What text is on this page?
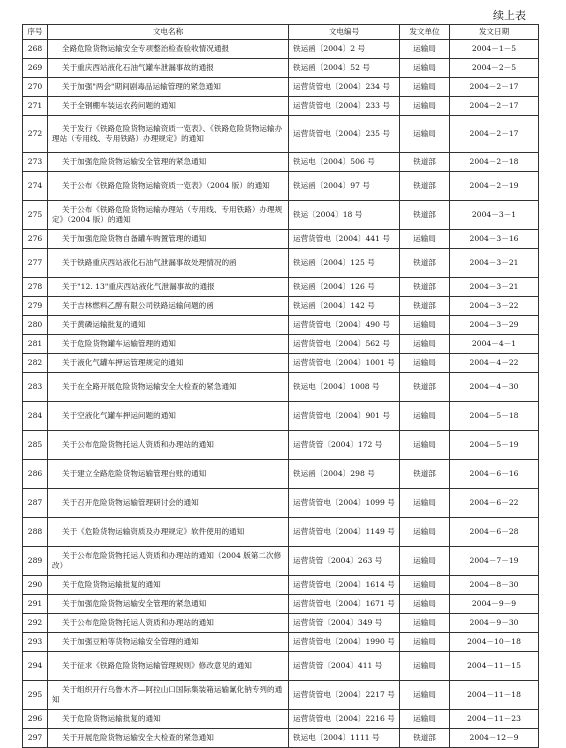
续上表
序号	文电名称	文电编号	发文单位	发文日期
268	全路危险货物运输安全专项整治检查验收情况通报	铁运函〔2004〕2 号	运输局	2004－1－5
269	关于重庆西站液化石油气罐车泄漏事故的通报	铁运函〔2004〕52 号	运输局	2004－2－5
270	关于加强"两会"期间剧毒品运输管理的紧急通知	运营货管电〔2004〕234 号	运输局	2004－2－17
271	关于全钢棚车装运农药问题的通知	运营货管电〔2004〕233 号	运输局	2004－2－17
272	关于发行《铁路危险货物运输资质一览表》、《铁路危险货物运输办理站（专用线、专用铁路）办理规定》的通知	运营货管电〔2004〕235 号	运输局	2004－2－17
273	关于加强危险货物运输安全管理的紧急通知	铁运电〔2004〕506 号	铁道部	2004－2－18
274	关于公布《铁路危险货物运输资质一览表》（2004 版）的通知	铁运函〔2004〕97 号	铁道部	2004－2－19
275	关于公布《铁路危险货物运输办理站（专用线、专用铁路）办理规定》（2004 版）的通知	铁运〔2004〕18 号	铁道部	2004－3－1
276	关于加强危险货物自备罐车购置管理的通知	运营货管电〔2004〕441 号	运输局	2004－3－16
277	关于铁路重庆西站液化石油气泄漏事故处理情况的函	铁运函〔2004〕125 号	铁道部	2004－3－21
278	关于"12. 13"重庆西站液化气泄漏事故的通报	铁运函〔2004〕126 号	铁道部	2004－3－21
279	关于吉林燃料乙醇有限公司铁路运输问题的函	铁运函〔2004〕142 号	铁道部	2004－3－22
280	关于黄磷运输批复的通知	运营货管电〔2004〕490 号	运输局	2004－3－29
281	关于危险货物罐车运输管理的通知	运营货管电〔2004〕562 号	运输局	2004－4－1
282	关于液化气罐车押运管理规定的通知	运营货管电〔2004〕1001 号	运输局	2004－4－22
283	关于在全路开展危险货物运输安全大检查的紧急通知	铁运电〔2004〕1008 号	铁道部	2004－4－30
284	关于空液化气罐车押运问题的通知	运营货管电〔2004〕901 号	运输局	2004－5－18
285	关于公布危险货物托运人资质和办理站的通知	运营货管〔2004〕172 号	运输局	2004－5－19
286	关于建立全路危险货物运输管理台账的通知	铁运函〔2004〕298 号	铁道部	2004－6－16
287	关于召开危险货物运输管理研讨会的通知	运营货管电〔2004〕1099 号	运输局	2004－6－22
288	关于《危险货物运输资质及办理规定》软件使用的通知	运营货管电〔2004〕1149 号	运输局	2004－6－28
289	关于公布危险货物托运人资质和办理站的通知（2004 版第二次修改）	运营货管〔2004〕263 号	运输局	2004－7－19
290	关于危险货物运输批复的通知	运营货管电〔2004〕1614 号	运输局	2004－8－30
291	关于加强危险货物运输安全管理的紧急通知	运营货管电〔2004〕1671 号	运输局	2004－9－9
292	关于公布危险货物托运人资质和办理站的通知	运营货管〔2004〕349 号	运输局	2004－9－30
293	关于加强豆粕等货物运输安全管理的通知	运营货管电〔2004〕1990 号	运输局	2004－10－18
294	关于征求《铁路危险货物运输管理规则》修改意见的通知	运营货管〔2004〕411 号	运输局	2004－11－15
295	关于组织开行乌鲁木齐—阿拉山口国际集装箱运输氰化钠专列的通知	运营货管电〔2004〕2217 号	运输局	2004－11－18
296	关于危险货物运输批复的通知	运营货管电〔2004〕2216 号	运输局	2004－11－23
297	关于开展危险货物运输安全大检查的紧急通知	铁运电〔2004〕1111 号	铁道部	2004－12－9
